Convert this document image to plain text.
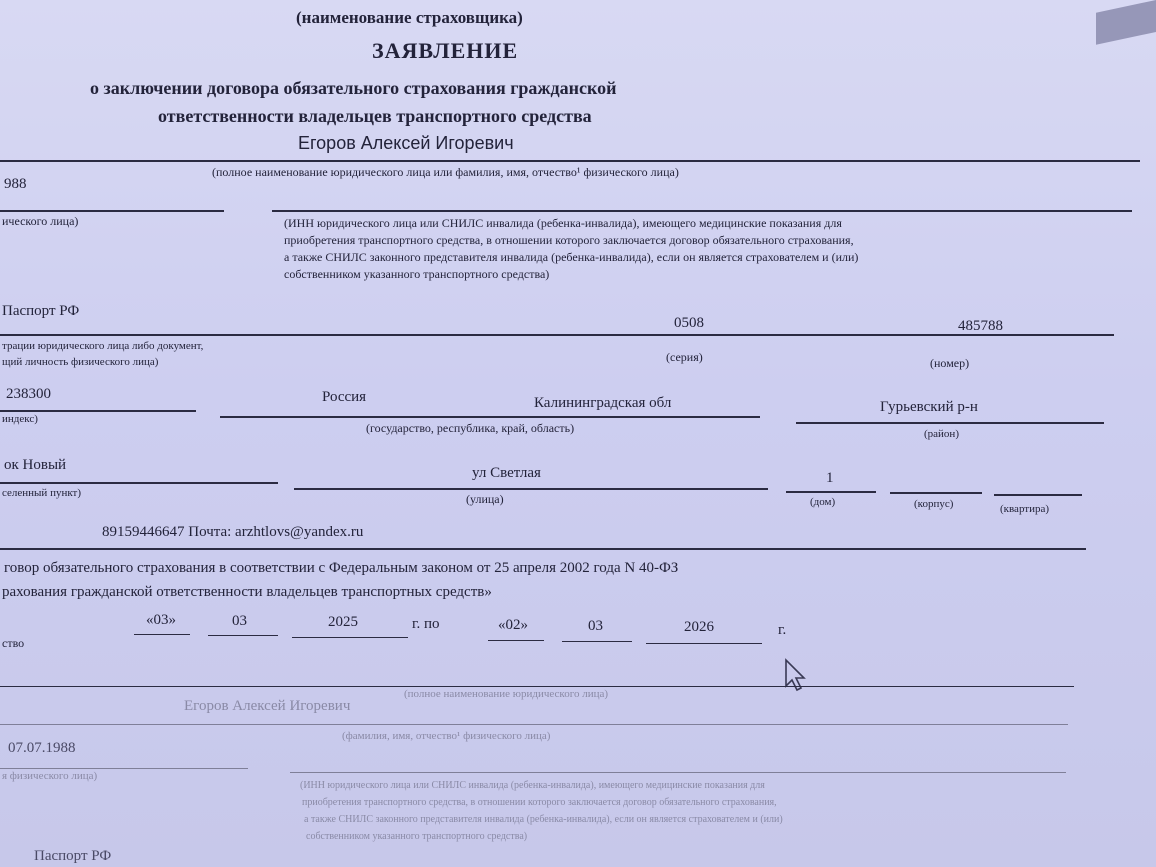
(наименование страховщика)
ЗАЯВЛЕНИЕ
о заключении договора обязательного страхования гражданской
ответственности владельцев транспортного средства
Егоров Алексей Игоревич
(полное наименование юридического лица или фамилия, имя, отчество¹ физического лица)
988
ического лица)	(ИНН юридического лица или СНИЛС инвалида (ребенка-инвалида), имеющего медицинские показания для
приобретения транспортного средства, в отношении которого заключается договор обязательного страхования,
а также СНИЛС законного представителя инвалида (ребенка-инвалида), если он является страхователем и (или)
собственником указанного транспортного средства)
Паспорт РФ
0508	485788
трации юридического лица либо документ,
щий личность физического лица)	(серия)	(номер)
238300	Россия	Калининградская обл	Гурьевский р-н
индекс)
(государство, республика, край, область)	(район)
ок Новый	ул Светлая	1
селенный пункт)	(улица)	(дом)	(корпус)	(квартира)
89159446647 Почта: arzhtlovs@yandex.ru
говор обязательного страхования в соответствии с Федеральным законом от 25 апреля 2002 года N 40-ФЗ
рахования гражданской ответственности владельцев транспортных средств»
ство
«03»	03	2025	г. по	«02»	03	2026	г.
(полное наименование юридического лица)
Егоров Алексей Игоревич
(фамилия, имя, отчество¹ физического лица)
07.07.1988
я физического лица)
(ИНН юридического лица или СНИЛС инвалида (ребенка-инвалида), имеющего медицинские показания для
приобретения транспортного средства, в отношении которого заключается договор обязательного страхования,
а также СНИЛС законного представителя инвалида (ребенка-инвалида), если он является страхователем и (или)
собственником указанного транспортного средства)
Паспорт РФ
